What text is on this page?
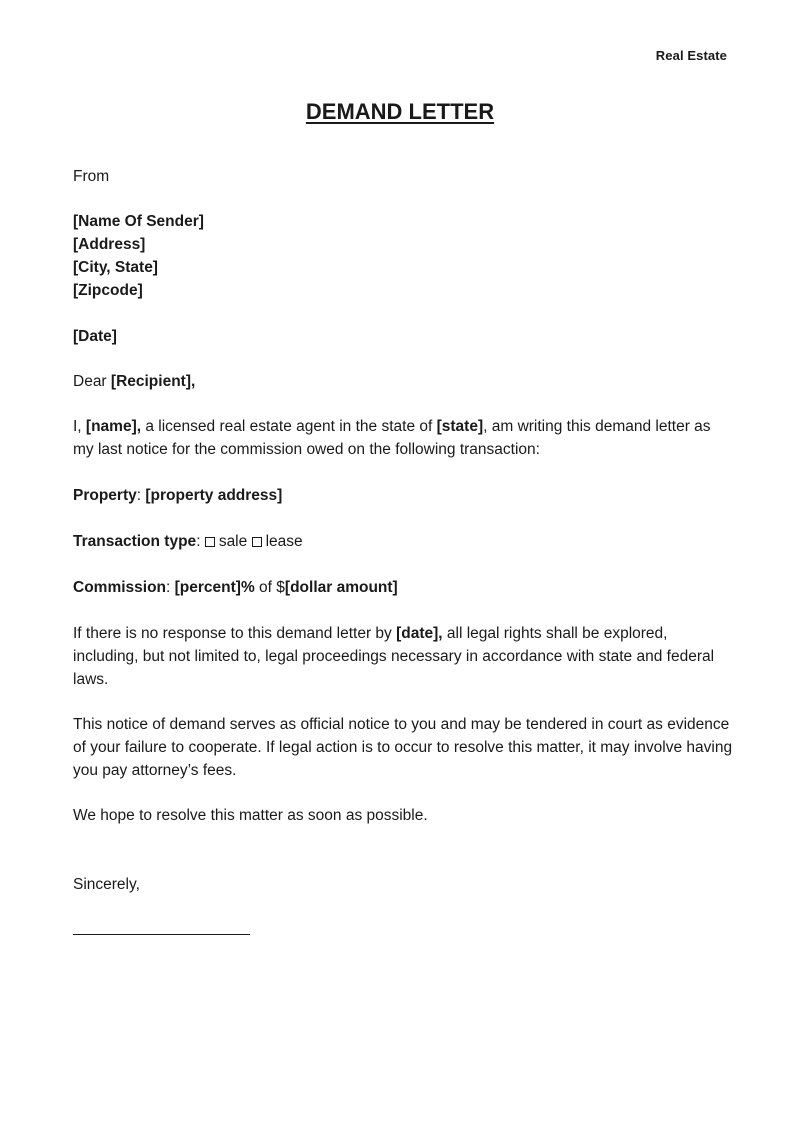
Real Estate
DEMAND LETTER
From
[Name Of Sender]
[Address]
[City, State]
[Zipcode]
[Date]
Dear [Recipient],
I, [name], a licensed real estate agent in the state of [state], am writing this demand letter as my last notice for the commission owed on the following transaction:
Property: [property address]
Transaction type: sale lease
Commission: [percent]% of $[dollar amount]
If there is no response to this demand letter by [date], all legal rights shall be explored, including, but not limited to, legal proceedings necessary in accordance with state and federal laws.
This notice of demand serves as official notice to you and may be tendered in court as evidence of your failure to cooperate. If legal action is to occur to resolve this matter, it may involve having you pay attorney’s fees.
We hope to resolve this matter as soon as possible.
Sincerely,
